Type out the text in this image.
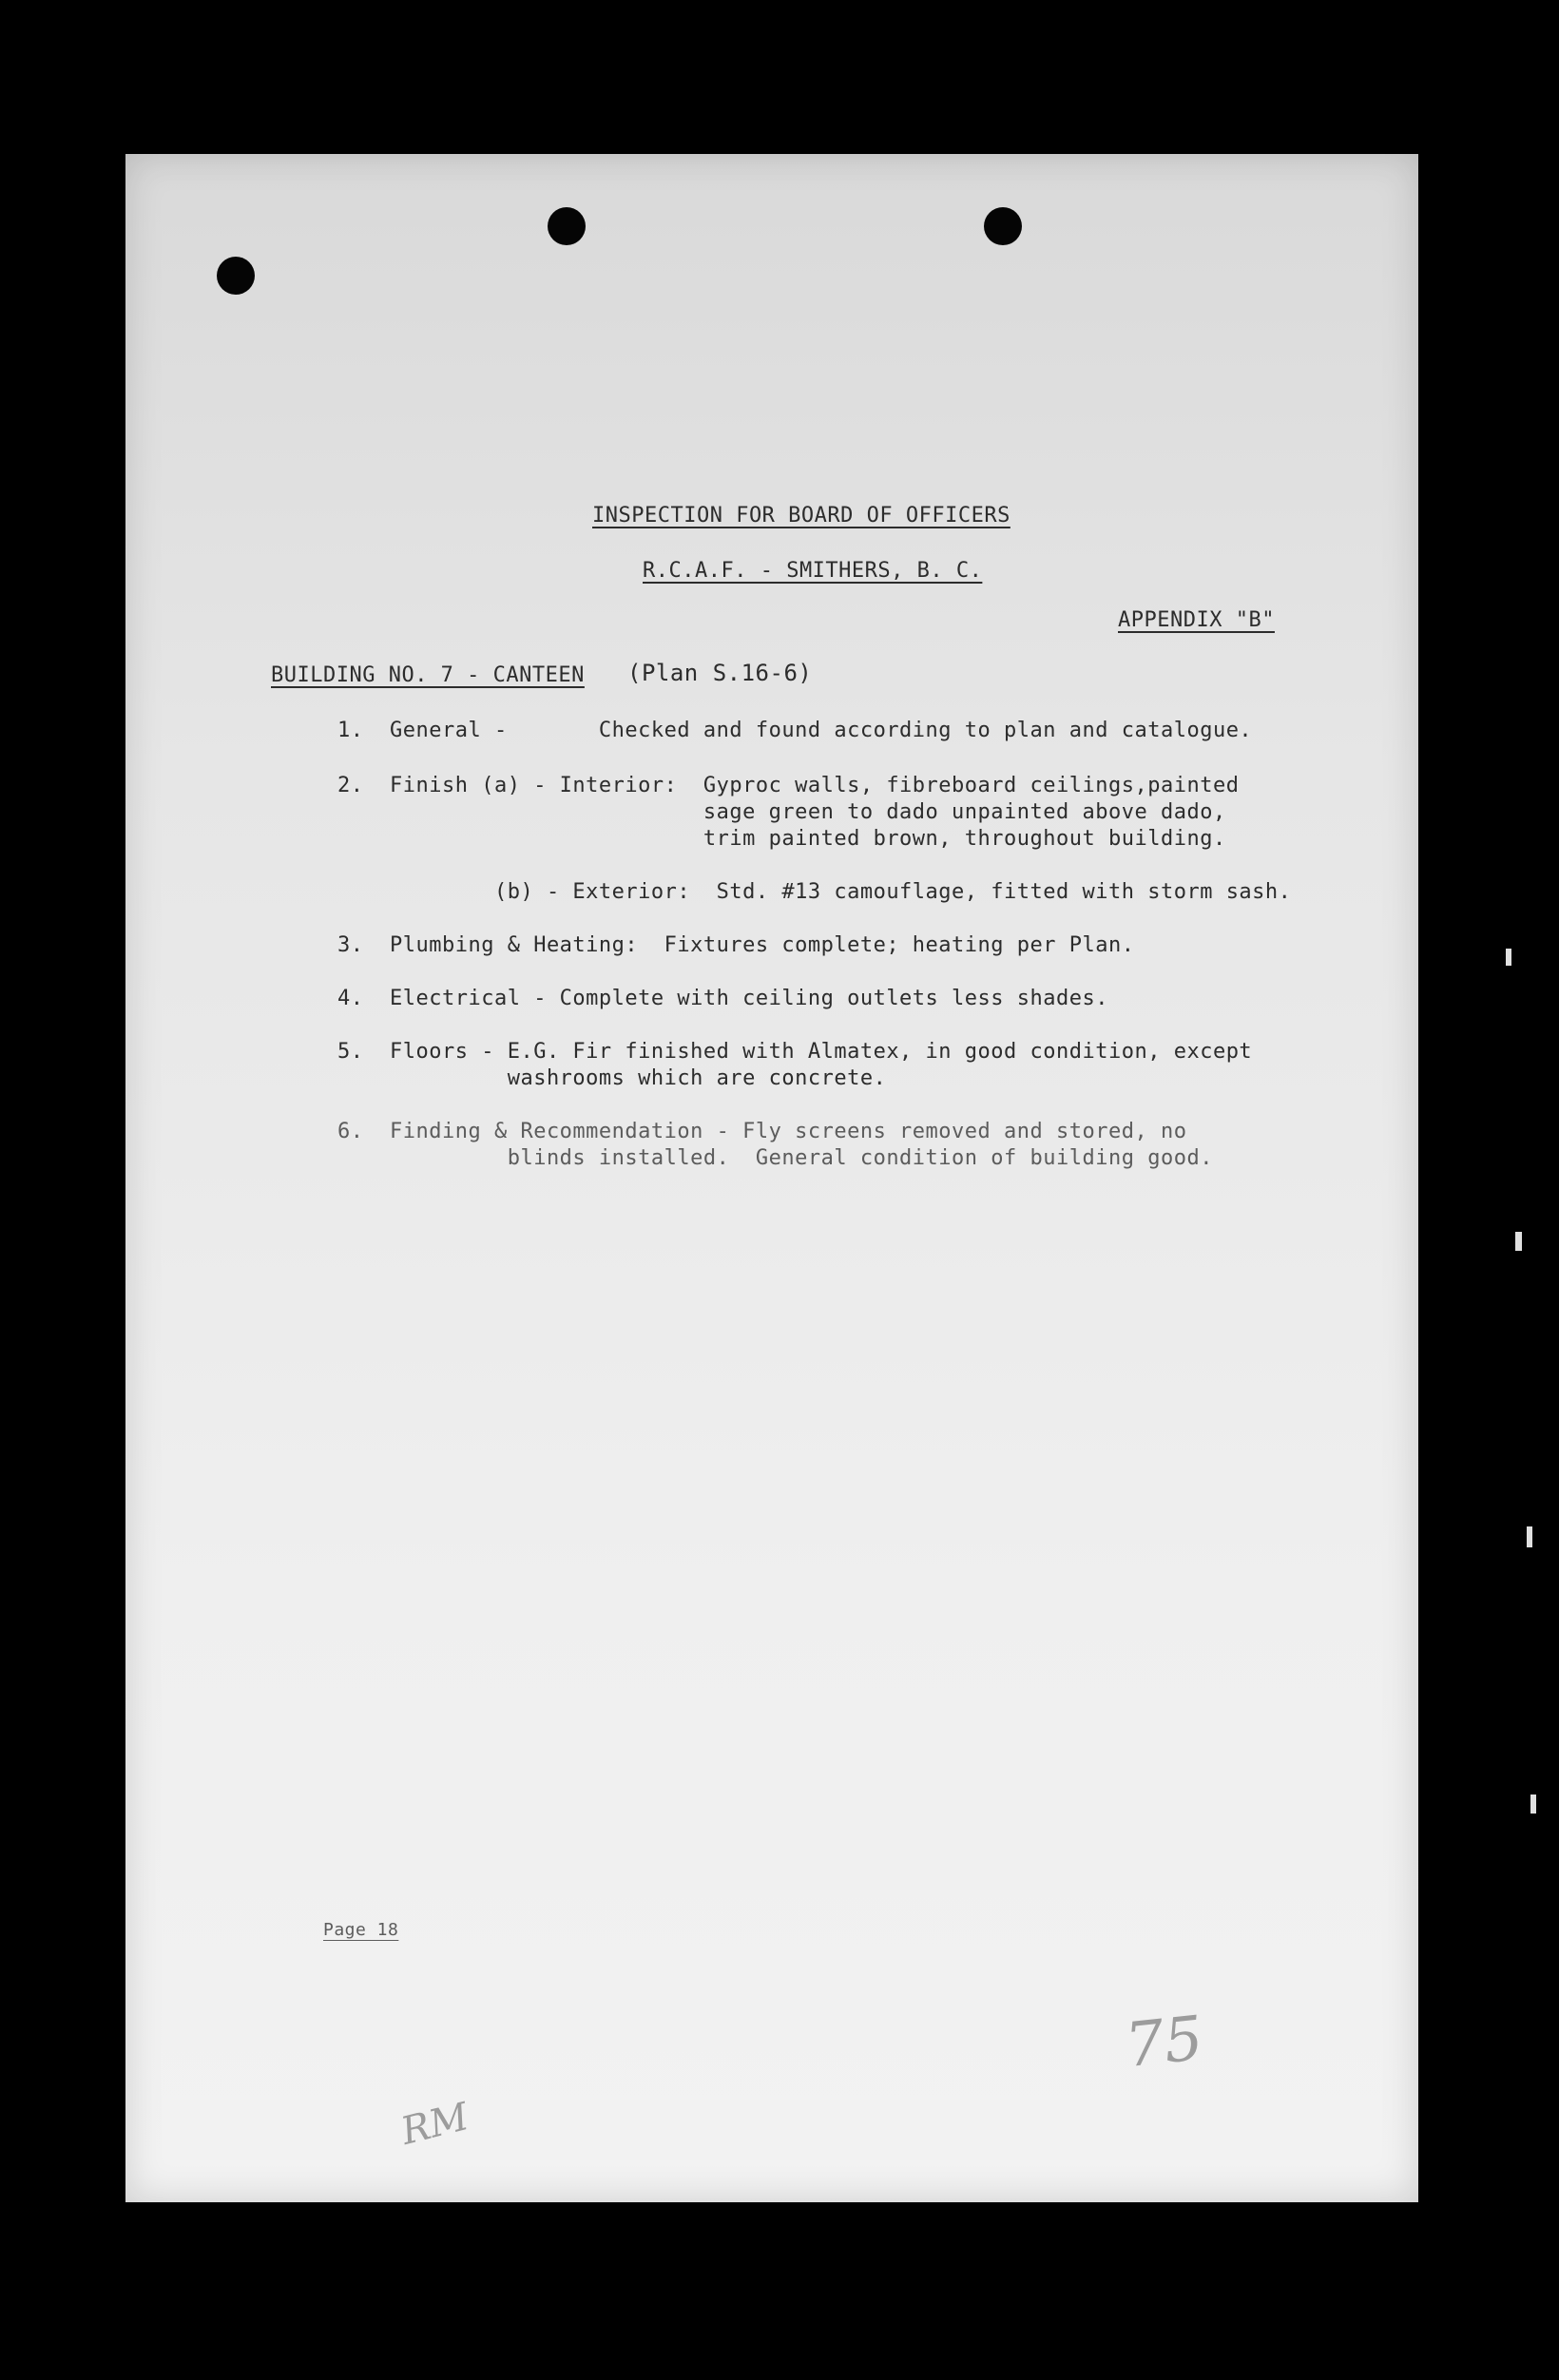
INSPECTION FOR BOARD OF OFFICERS
R.C.A.F. - SMITHERS, B. C.
APPENDIX "B"
BUILDING NO. 7 - CANTEEN (Plan S.16-6)
1. General -       Checked and found according to plan and catalogue.
2. Finish (a) - Interior:  Gyproc walls, fibreboard ceilings,painted
sage green to dado unpainted above dado,
trim painted brown, throughout building.
(b) - Exterior:  Std. #13 camouflage, fitted with storm sash.
3. Plumbing & Heating:  Fixtures complete; heating per Plan.
4. Electrical - Complete with ceiling outlets less shades.
5. Floors - E.G. Fir finished with Almatex, in good condition, except
washrooms which are concrete.
6. Finding & Recommendation - Fly screens removed and stored, no
blinds installed.  General condition of building good.
Page 18
75
RM
